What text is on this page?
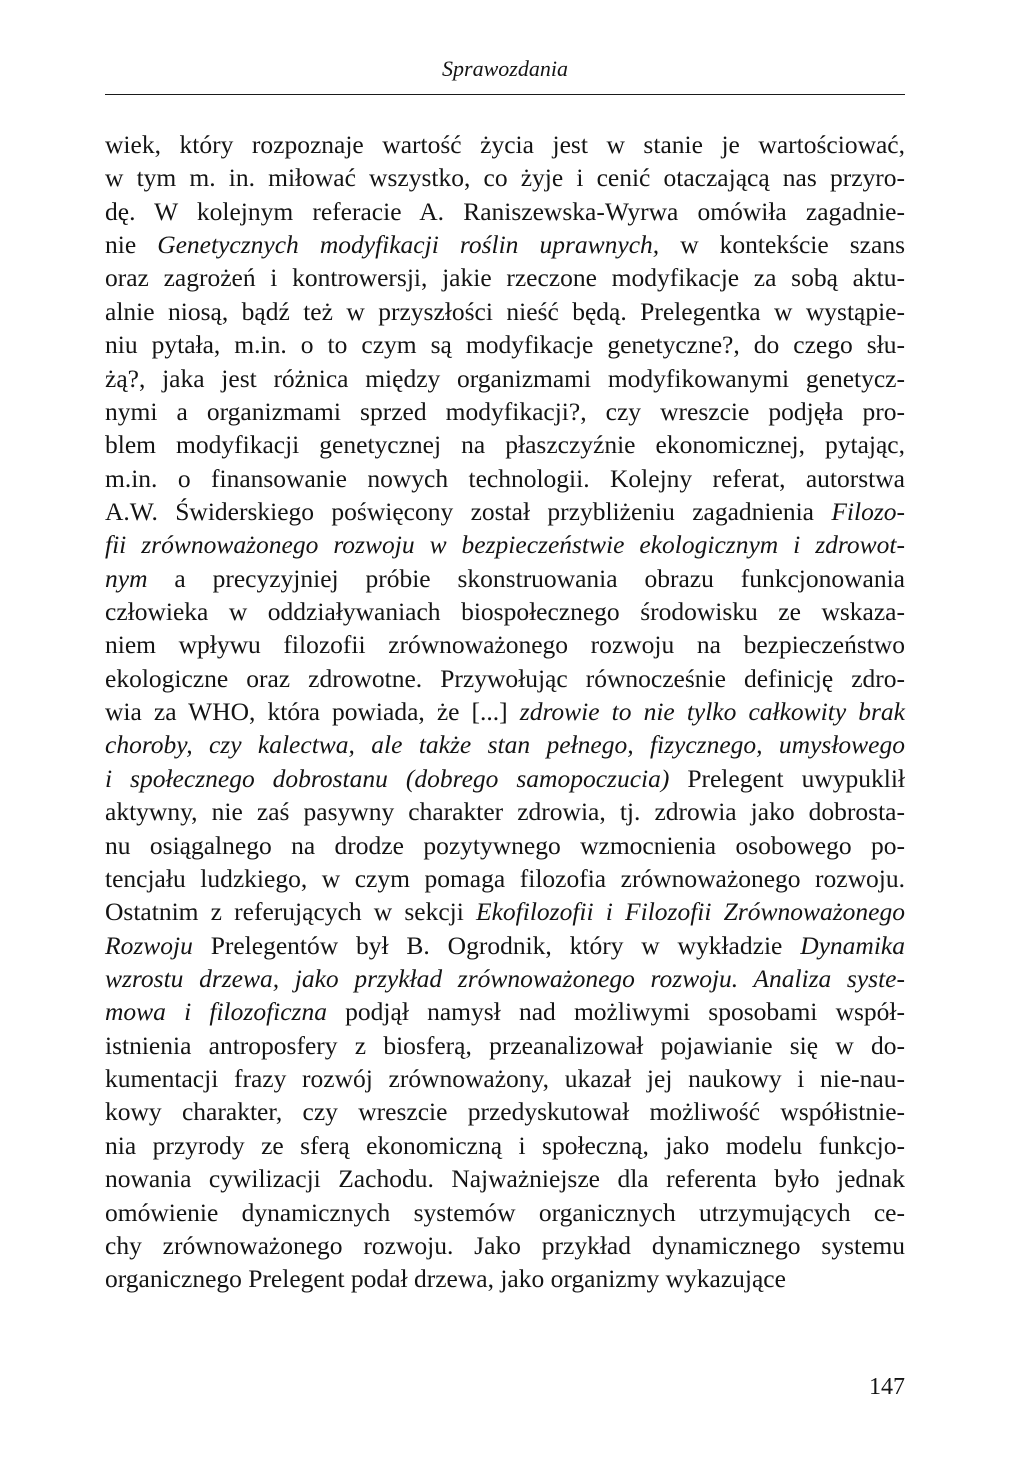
Sprawozdania
wiek, który rozpoznaje wartość życia jest w stanie je wartościować,
w tym m. in. miłować wszystko, co żyje i cenić otaczającą nas przyro-
dę. W kolejnym referacie A. Raniszewska-Wyrwa omówiła zagadnie-
nie Genetycznych modyfikacji roślin uprawnych, w kontekście szans
oraz zagrożeń i kontrowersji, jakie rzeczone modyfikacje za sobą aktu-
alnie niosą, bądź też w przyszłości nieść będą. Prelegentka w wystąpie-
niu pytała, m.in. o to czym są modyfikacje genetyczne?, do czego słu-
żą?, jaka jest różnica między organizmami modyfikowanymi genetycz-
nymi a organizmami sprzed modyfikacji?, czy wreszcie podjęła pro-
blem modyfikacji genetycznej na płaszczyźnie ekonomicznej, pytając,
m.in. o finansowanie nowych technologii. Kolejny referat, autorstwa
A.W. Świderskiego poświęcony został przybliżeniu zagadnienia Filozo-
fii zrównoważonego rozwoju w bezpieczeństwie ekologicznym i zdrowot-
nym a precyzyjniej próbie skonstruowania obrazu funkcjonowania
człowieka w oddziaływaniach biospołecznego środowisku ze wskaza-
niem wpływu filozofii zrównoważonego rozwoju na bezpieczeństwo
ekologiczne oraz zdrowotne. Przywołując równocześnie definicję zdro-
wia za WHO, która powiada, że [...] zdrowie to nie tylko całkowity brak
choroby, czy kalectwa, ale także stan pełnego, fizycznego, umysłowego
i społecznego dobrostanu (dobrego samopoczucia) Prelegent uwypuklił
aktywny, nie zaś pasywny charakter zdrowia, tj. zdrowia jako dobrosta-
nu osiągalnego na drodze pozytywnego wzmocnienia osobowego po-
tencjału ludzkiego, w czym pomaga filozofia zrównoważonego rozwoju.
Ostatnim z referujących w sekcji Ekofilozofii i Filozofii Zrównoważonego
Rozwoju Prelegentów był B. Ogrodnik, który w wykładzie Dynamika
wzrostu drzewa, jako przykład zrównoważonego rozwoju. Analiza syste-
mowa i filozoficzna podjął namysł nad możliwymi sposobami współ-
istnienia antroposfery z biosferą, przeanalizował pojawianie się w do-
kumentacji frazy rozwój zrównoważony, ukazał jej naukowy i nie-nau-
kowy charakter, czy wreszcie przedyskutował możliwość współistnie-
nia przyrody ze sferą ekonomiczną i społeczną, jako modelu funkcjo-
nowania cywilizacji Zachodu. Najważniejsze dla referenta było jednak
omówienie dynamicznych systemów organicznych utrzymujących ce-
chy zrównoważonego rozwoju. Jako przykład dynamicznego systemu
organicznego Prelegent podał drzewa, jako organizmy wykazujące
147
